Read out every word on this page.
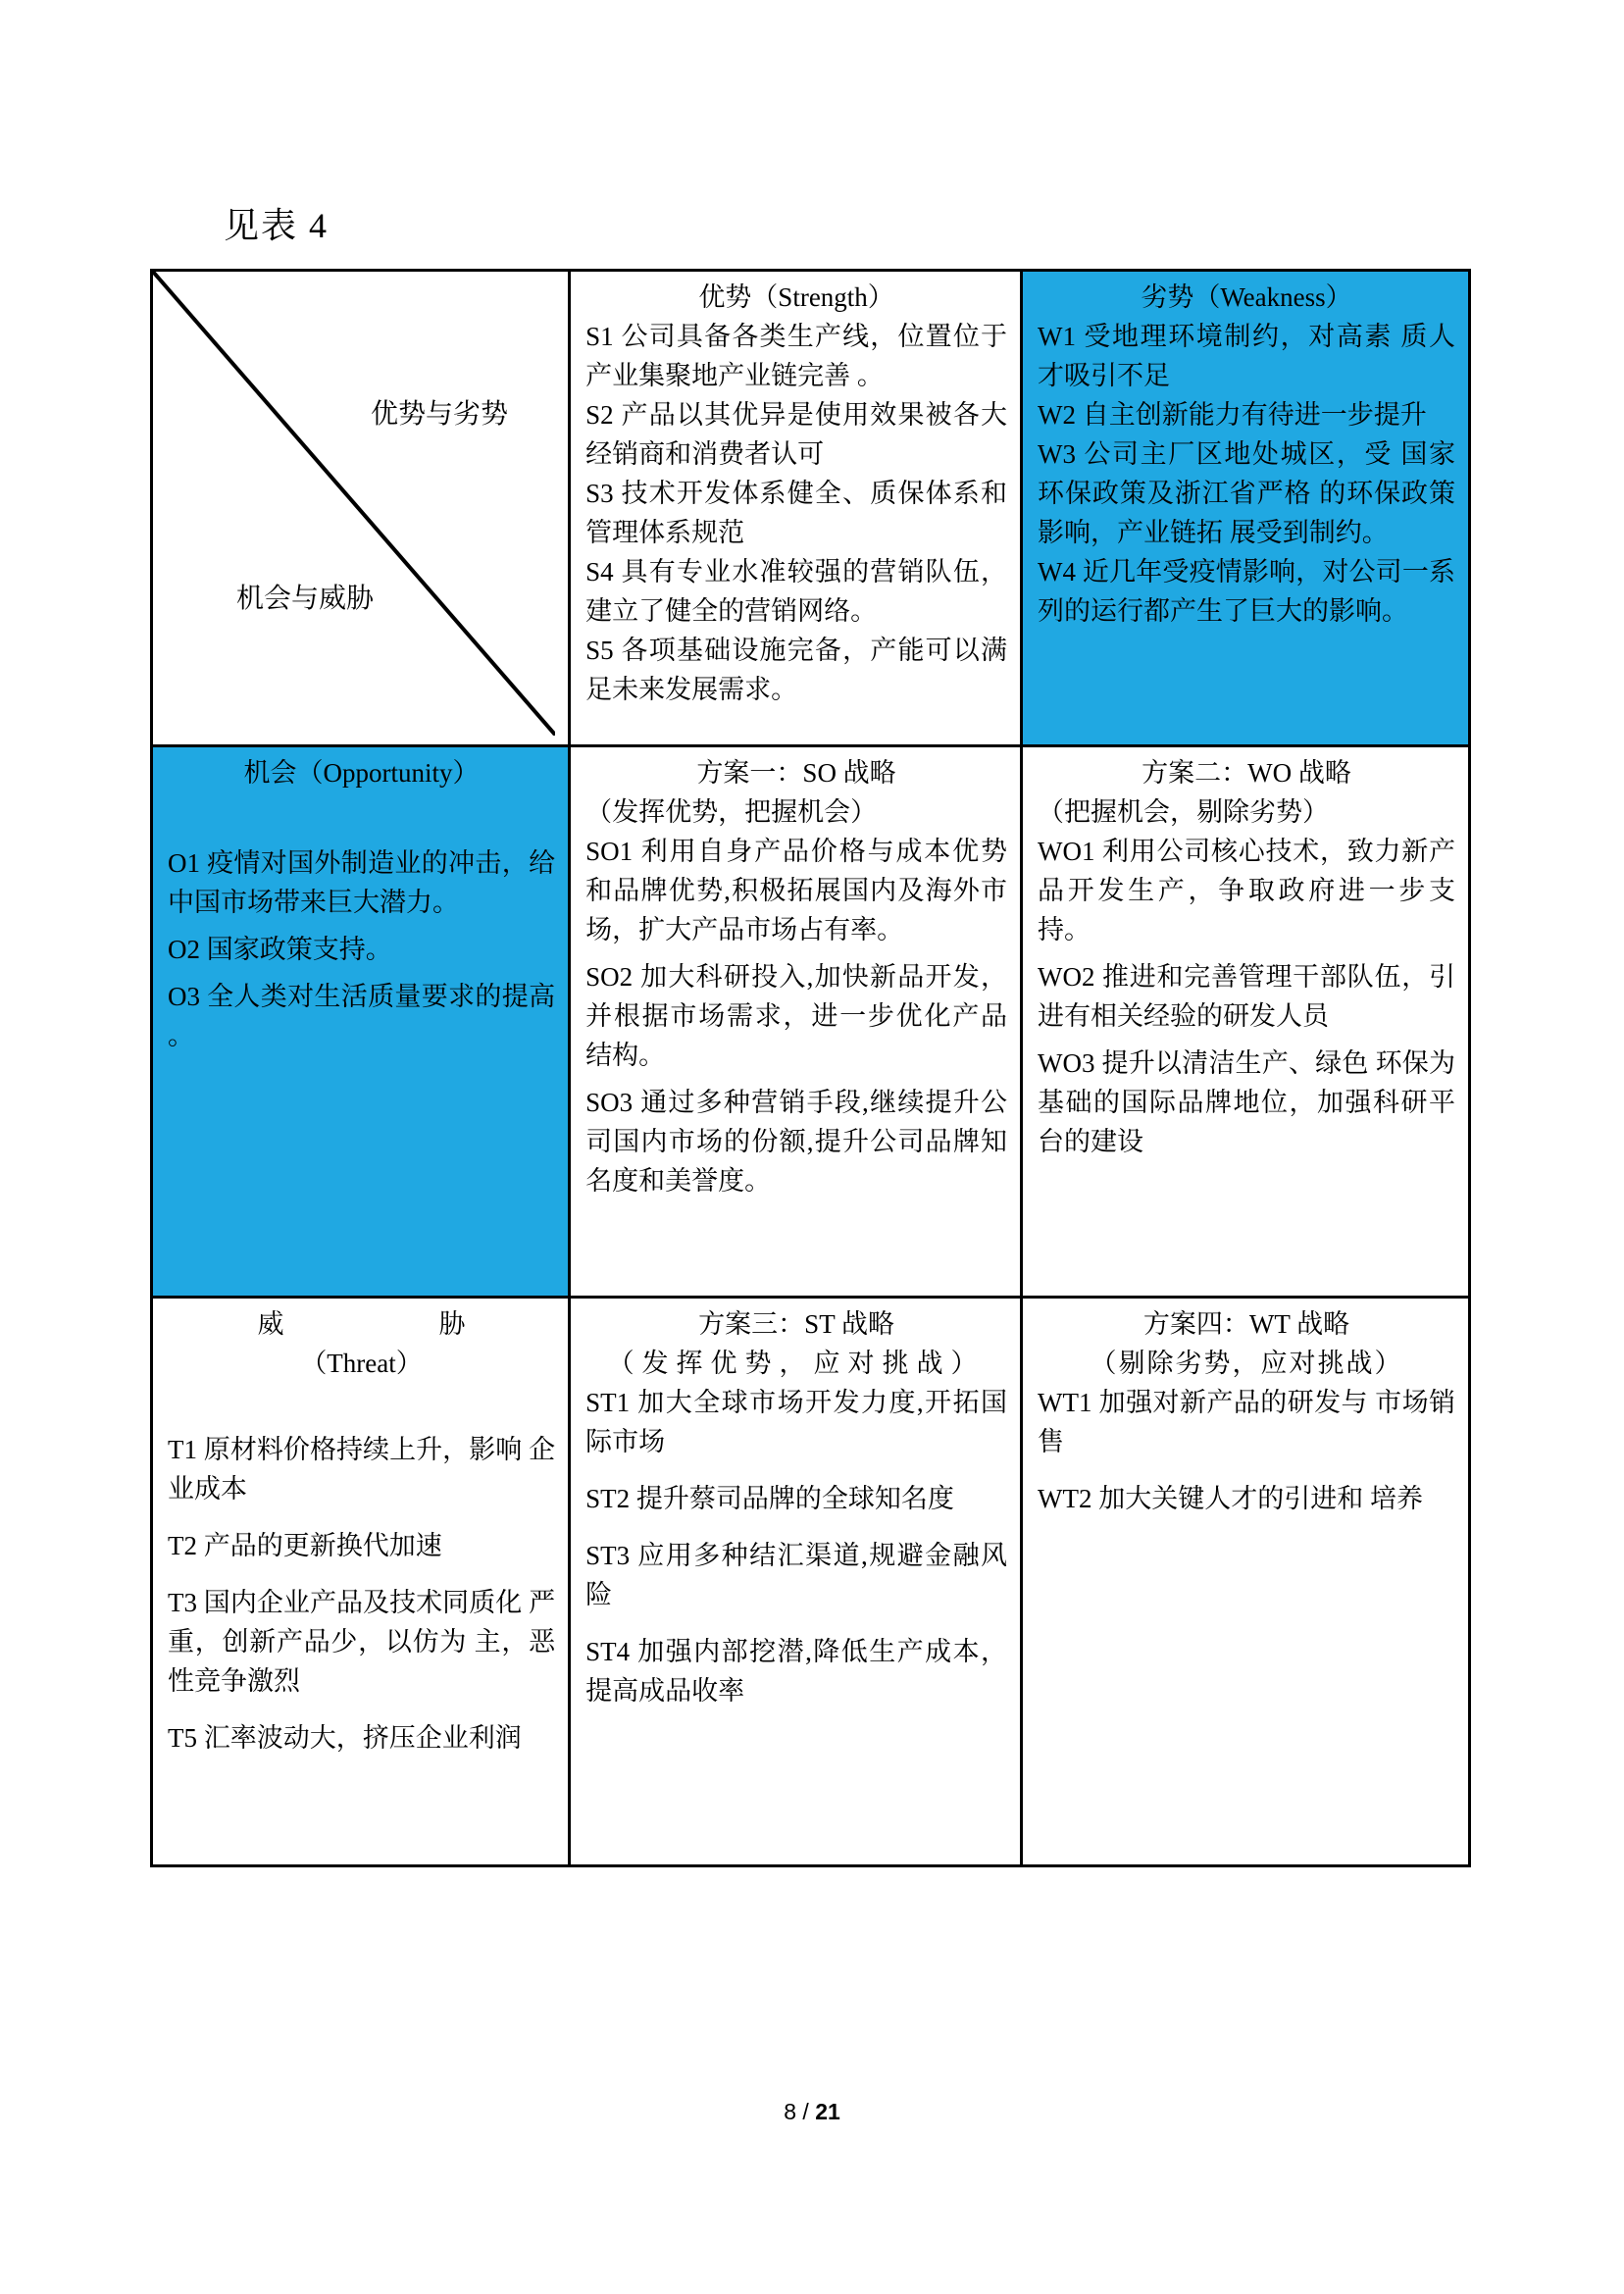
见表 4
优势与劣势
机会与威胁
优势（Strength）

S1 公司具备各类生产线，位置位于产业集聚地产业链完善 。

S2 产品以其优异是使用效果被各大经销商和消费者认可

S3 技术开发体系健全、质保体系和管理体系规范

S4 具有专业水准较强的营销队伍，建立了健全的营销网络。

S5 各项基础设施完备，产能可以满足未来发展需求。

劣势（Weakness）

W1 受地理环境制约，对高素 质人才吸引不足

W2 自主创新能力有待进一步提升

W3 公司主厂区地处城区，受 国家环保政策及浙江省严格 的环保政策影响，产业链拓 展受到制约。

W4 近几年受疫情影响，对公司一系列的运行都产生了巨大的影响。

机会（Opportunity）

O1 疫情对国外制造业的冲击，给中国市场带来巨大潜力。

O2 国家政策支持。

O3 全人类对生活质量要求的提高 。

方案一：SO 战略
（发挥优势，把握机会）

SO1 利用自身产品价格与成本优势和品牌优势,积极拓展国内及海外市场，扩大产品市场占有率。

SO2 加大科研投入,加快新品开发，并根据市场需求，进一步优化产品结构。

SO3 通过多种营销手段,继续提升公司国内市场的份额,提升公司品牌知名度和美誉度。

方案二：WO 战略
（把握机会，剔除劣势）

WO1 利用公司核心技术，致力新产品开发生产，争取政府进一步支持。

WO2 推进和完善管理干部队伍，引进有相关经验的研发人员

WO3 提升以清洁生产、绿色 环保为基础的国际品牌地位，加强科研平台的建设

威	胁
（Threat）

T1 原材料价格持续上升，影响 企业成本

T2 产品的更新换代加速

T3 国内企业产品及技术同质化 严重，创新产品少，以仿为 主，恶性竞争激烈

T5 汇率波动大，挤压企业利润

方案三：ST 战略
（发挥优势，应对挑战）

ST1 加大全球市场开发力度,开拓国际市场

ST2 提升蔡司品牌的全球知名度

ST3 应用多种结汇渠道,规避金融风险

ST4 加强内部挖潜,降低生产成本，提高成品收率

方案四：WT 战略
（剔除劣势，应对挑战）

WT1 加强对新产品的研发与 市场销售

WT2 加大关键人才的引进和 培养

8 / 21
